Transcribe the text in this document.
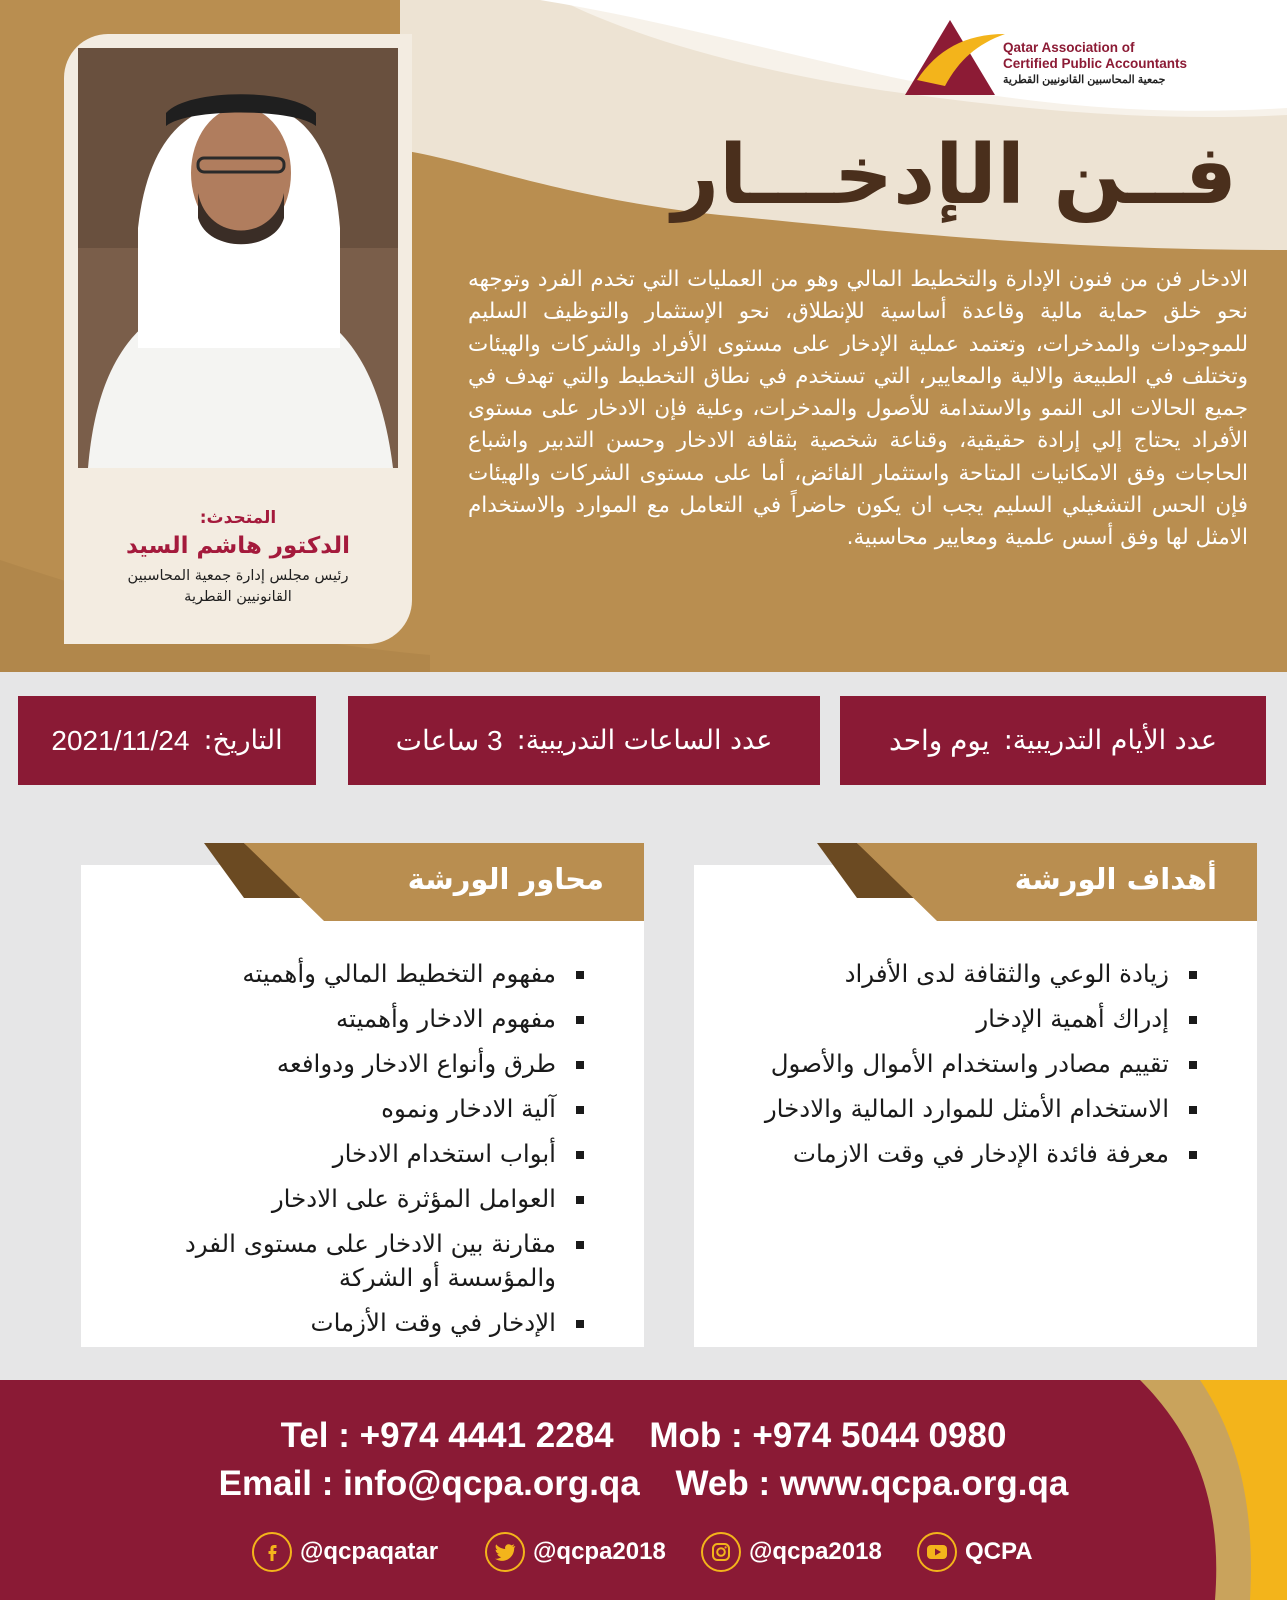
Qatar Association of
Certified Public Accountants
جمعية المحاسبين القانونيين القطرية
فــن الإدخـــار

الادخار فن من فنون الإدارة والتخطيط المالي وهو من العمليات التي تخدم الفرد وتوجهه نحو خلق حماية مالية وقاعدة أساسية للإنطلاق، نحو الإستثمار والتوظيف السليم للموجودات والمدخرات، وتعتمد عملية الإدخار على مستوى الأفراد والشركات والهيئات وتختلف في الطبيعة والالية والمعايير، التي تستخدم في نطاق التخطيط والتي تهدف في جميع الحالات الى النمو والاستدامة للأصول والمدخرات، وعلية فإن الادخار على مستوى الأفراد يحتاج إلي إرادة حقيقية، وقناعة شخصية بثقافة الادخار وحسن التدبير واشباع الحاجات وفق الامكانيات المتاحة واستثمار الفائض، أما على مستوى الشركات والهيئات فإن الحس التشغيلي السليم يجب ان يكون حاضراً في التعامل مع الموارد والاستخدام الامثل لها وفق أسس علمية ومعايير محاسبية.

المتحدث:
الدكتور هاشم السيد
رئيس مجلس إدارة جمعية المحاسبين القانونيين القطرية
عدد الأيام التدريبية:
يوم واحد
عدد الساعات التدريبية:
3 ساعات
التاريخ:
2021/11/24
أهداف الورشة
زيادة الوعي والثقافة لدى الأفراد
إدراك أهمية الإدخار
تقييم مصادر واستخدام الأموال والأصول
الاستخدام الأمثل للموارد المالية والادخار
معرفة فائدة الإدخار في وقت الازمات
محاور الورشة
مفهوم التخطيط المالي وأهميته
مفهوم الادخار وأهميته
طرق وأنواع الادخار ودوافعه
آلية الادخار ونموه
أبواب استخدام الادخار
العوامل المؤثرة على الادخار
مقارنة بين الادخار على مستوى الفرد والمؤسسة أو الشركة
الإدخار في وقت الأزمات
Tel : +974 4441 2284 Mob : +974 5044 0980
Email : info@qcpa.org.qa Web : www.qcpa.org.qa
@qcpaqatar	@qcpa2018	@qcpa2018	QCPA
